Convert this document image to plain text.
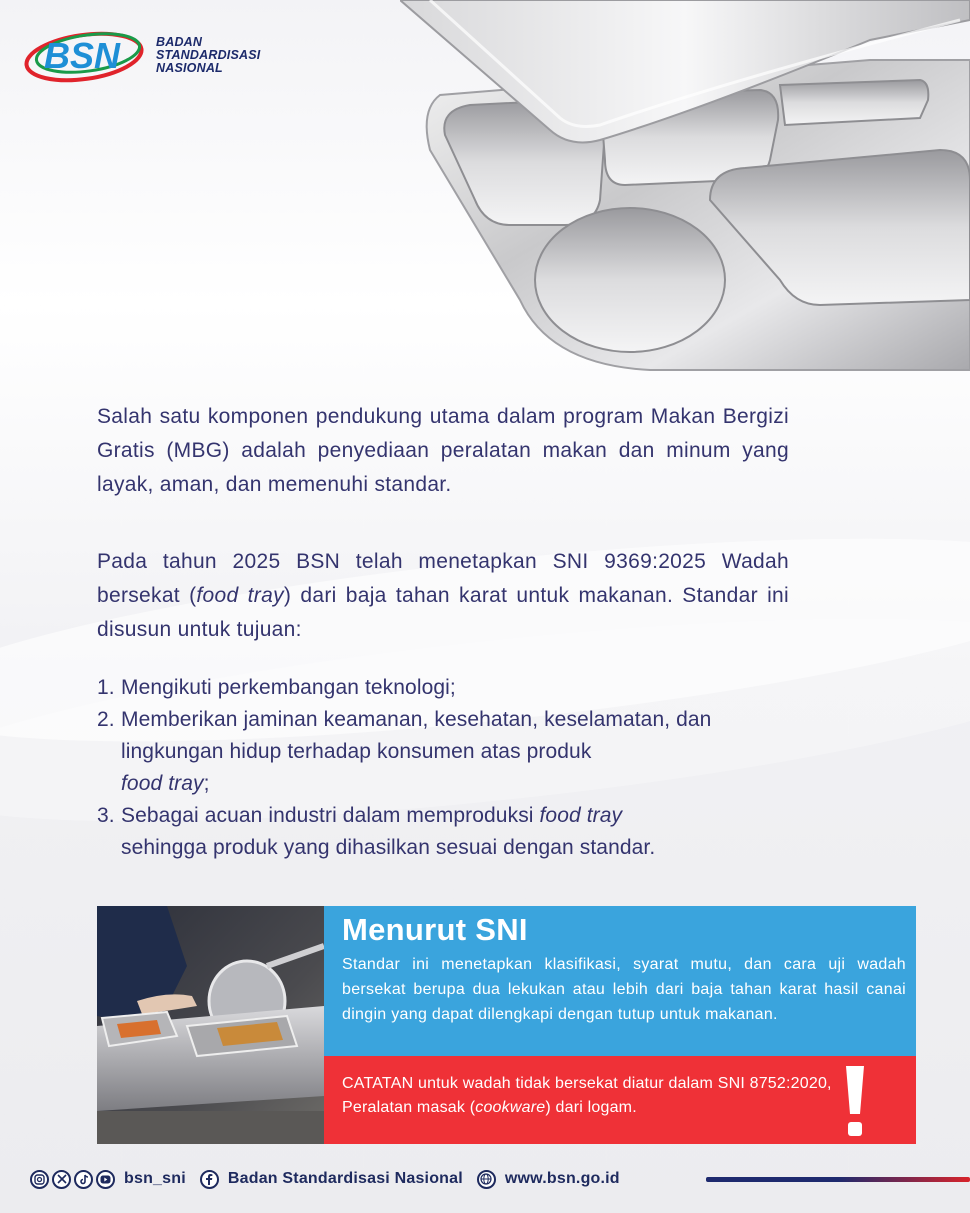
BSN	BADAN
STANDARDISASI
NASIONAL

Salah satu komponen pendukung utama dalam program Makan Bergizi Gratis (MBG) adalah penyediaan peralatan makan dan minum yang layak, aman, dan memenuhi standar.

Pada tahun 2025 BSN telah menetapkan SNI 9369:2025 Wadah bersekat (food tray) dari baja tahan karat untuk makanan. Standar ini disusun untuk tujuan:

1. Mengikuti perkembangan teknologi;
2. Memberikan jaminan keamanan, kesehatan, keselamatan, dan lingkungan hidup terhadap konsumen atas produk
food tray;
3. Sebagai acuan industri dalam memproduksi food tray
sehingga produk yang dihasilkan sesuai dengan standar.
Menurut SNI
Standar ini menetapkan klasifikasi, syarat mutu, dan cara uji wadah bersekat berupa dua lekukan atau lebih dari baja tahan karat hasil canai dingin yang dapat dilengkapi dengan tutup untuk makanan.
CATATAN untuk wadah tidak bersekat diatur dalam SNI 8752:2020, Peralatan masak (cookware) dari logam.
bsn_sni	Badan Standardisasi Nasional	www.bsn.go.id
